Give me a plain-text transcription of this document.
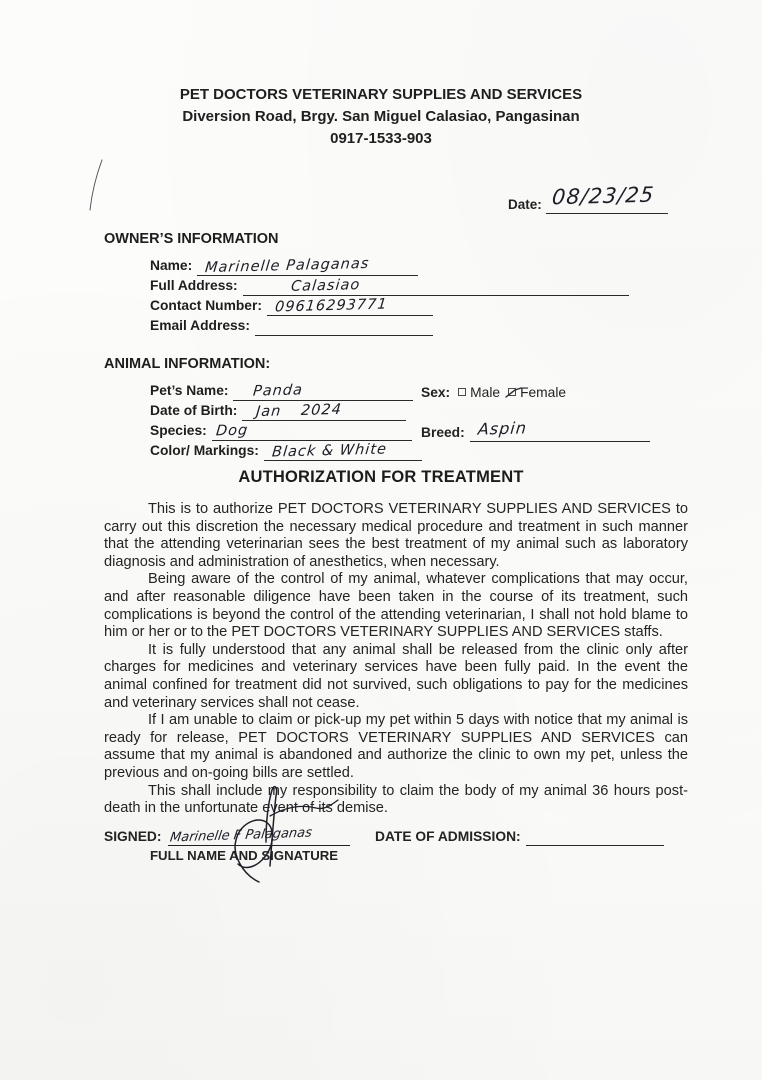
PET DOCTORS VETERINARY SUPPLIES AND SERVICES
Diversion Road, Brgy. San Miguel Calasiao, Pangasinan
0917-1533-903
Date: 08/23/25
OWNER’S INFORMATION
Name: Marinelle Palaganas
Full Address:	Calasiao
Contact Number: 09616293771
Email Address:
ANIMAL INFORMATION:
Pet’s Name: Panda
Date of Birth: Jan 2024
Species: Dog
Color/ Markings: Black & White
Sex: Male Female
Breed: Aspin
AUTHORIZATION FOR TREATMENT

This is to authorize PET DOCTORS VETERINARY SUPPLIES AND SERVICES to carry out this discretion the necessary medical procedure and treatment in such manner that the attending veterinarian sees the best treatment of my animal such as laboratory diagnosis and administration of anesthetics, when necessary.

Being aware of the control of my animal, whatever complications that may occur, and after reasonable diligence have been taken in the course of its treatment, such complications is beyond the control of the attending veterinarian, I shall not hold blame to him or her or to the PET DOCTORS VETERINARY SUPPLIES AND SERVICES staffs.

It is fully understood that any animal shall be released from the clinic only after charges for medicines and veterinary services have been fully paid. In the event the animal confined for treatment did not survived, such obligations to pay for the medicines and veterinary services shall not cease.

If I am unable to claim or pick-up my pet within 5 days with notice that my animal is ready for release, PET DOCTORS VETERINARY SUPPLIES AND SERVICES can assume that my animal is abandoned and authorize the clinic to own my pet, unless the previous and on-going bills are settled.

This shall include my responsibility to claim the body of my animal 36 hours post-death in the unfortunate event of its demise.

SIGNED: Marinelle F Palaganas	DATE OF ADMISSION:
FULL NAME AND SIGNATURE
